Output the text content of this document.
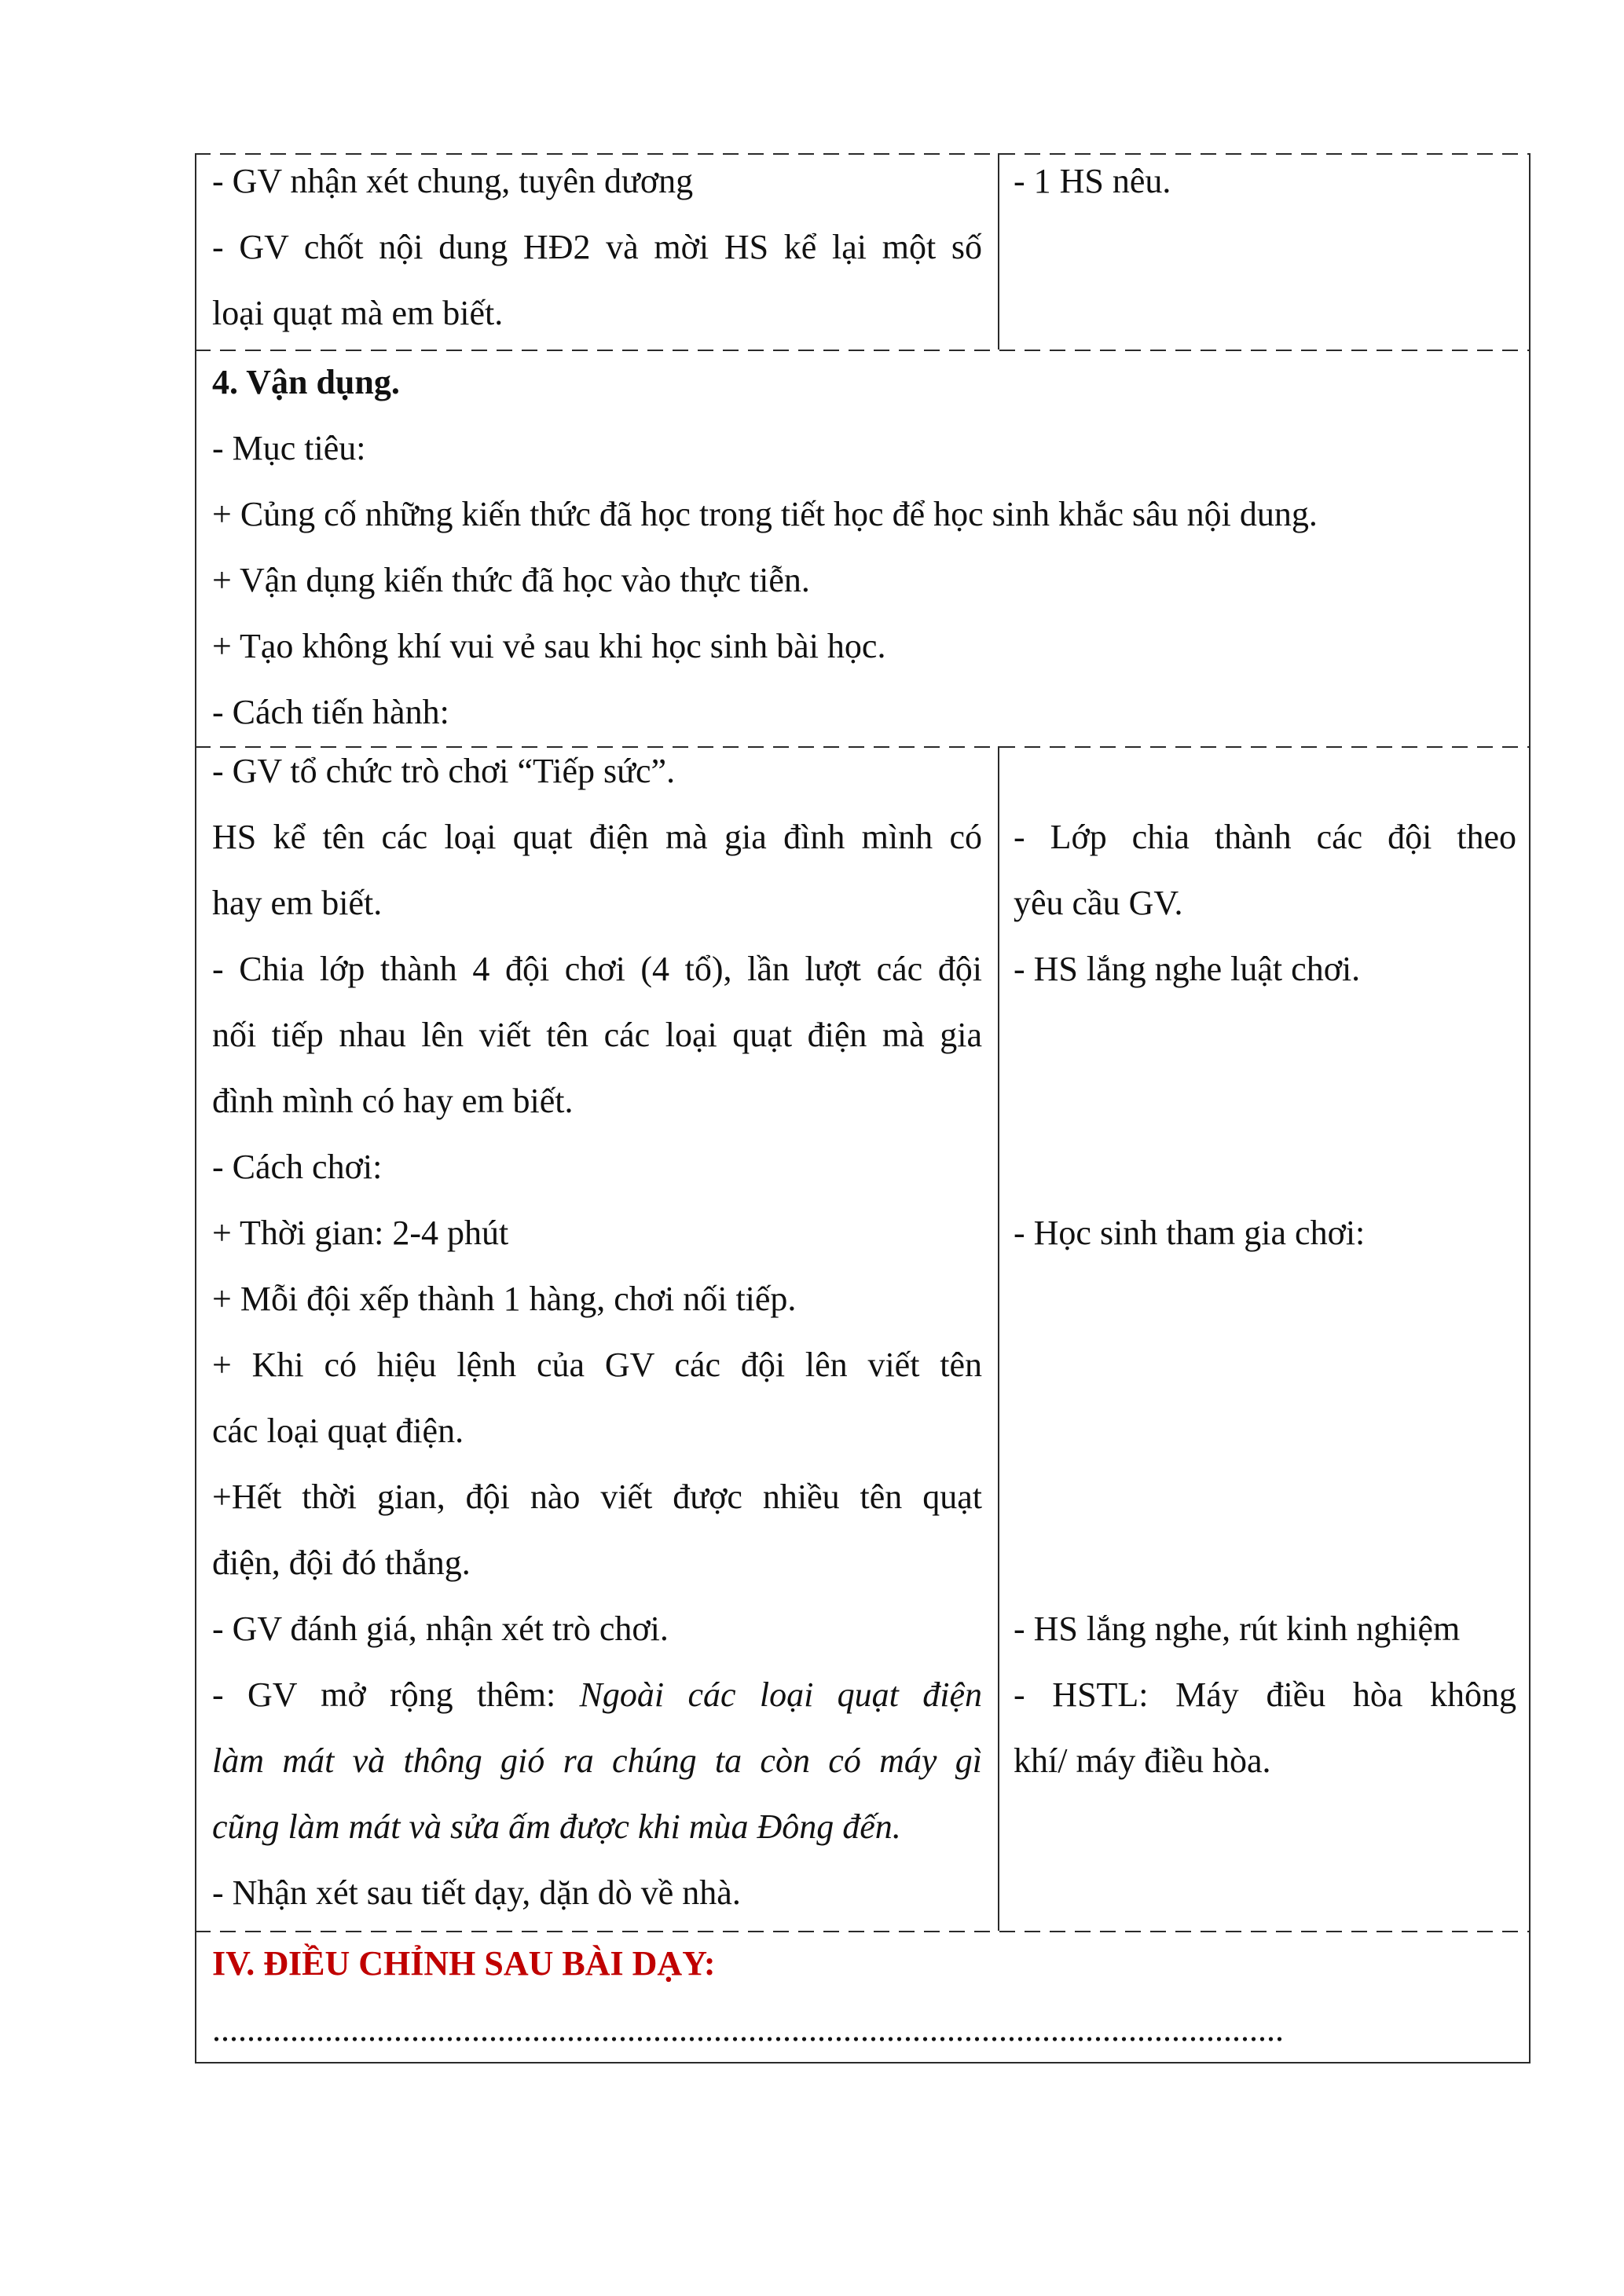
- GV nhận xét chung, tuyên dương

- GV chốt nội dung HĐ2 và mời HS kể lại một số

loại quạt mà em biết.

- 1 HS nêu.

4. Vận dụng.

- Mục tiêu:

+ Củng cố những kiến thức đã học trong tiết học để học sinh khắc sâu nội dung.

+ Vận dụng kiến thức đã học vào thực tiễn.

+ Tạo không khí vui vẻ sau khi học sinh bài học.

- Cách tiến hành:

- GV tổ chức trò chơi “Tiếp sức”.

HS kể tên các loại quạt điện mà gia đình mình có

hay em biết.

- Chia lớp thành 4 đội chơi (4 tổ), lần lượt các đội

nối tiếp nhau lên viết tên các loại quạt điện mà gia

đình mình có hay em biết.

- Cách chơi:

+ Thời gian: 2-4 phút

+ Mỗi đội xếp thành 1 hàng, chơi nối tiếp.

+ Khi có hiệu lệnh của GV các đội lên viết tên

các loại quạt điện.

+Hết thời gian, đội nào viết được nhiều tên quạt

điện, đội đó thắng.

- GV đánh giá, nhận xét trò chơi.

- GV mở rộng thêm: Ngoài các loại quạt điện

làm mát và thông gió ra chúng ta còn có máy gì

cũng làm mát và sửa ấm được khi mùa Đông đến.

- Nhận xét sau tiết dạy, dặn dò về nhà.

- Lớp chia thành các đội theo

yêu cầu GV.

- HS lắng nghe luật chơi.

- Học sinh tham gia chơi:

- HS lắng nghe, rút kinh nghiệm

- HSTL: Máy điều hòa không

khí/ máy điều hòa.

IV. ĐIỀU CHỈNH SAU BÀI DẠY:

............................................................................................................................
